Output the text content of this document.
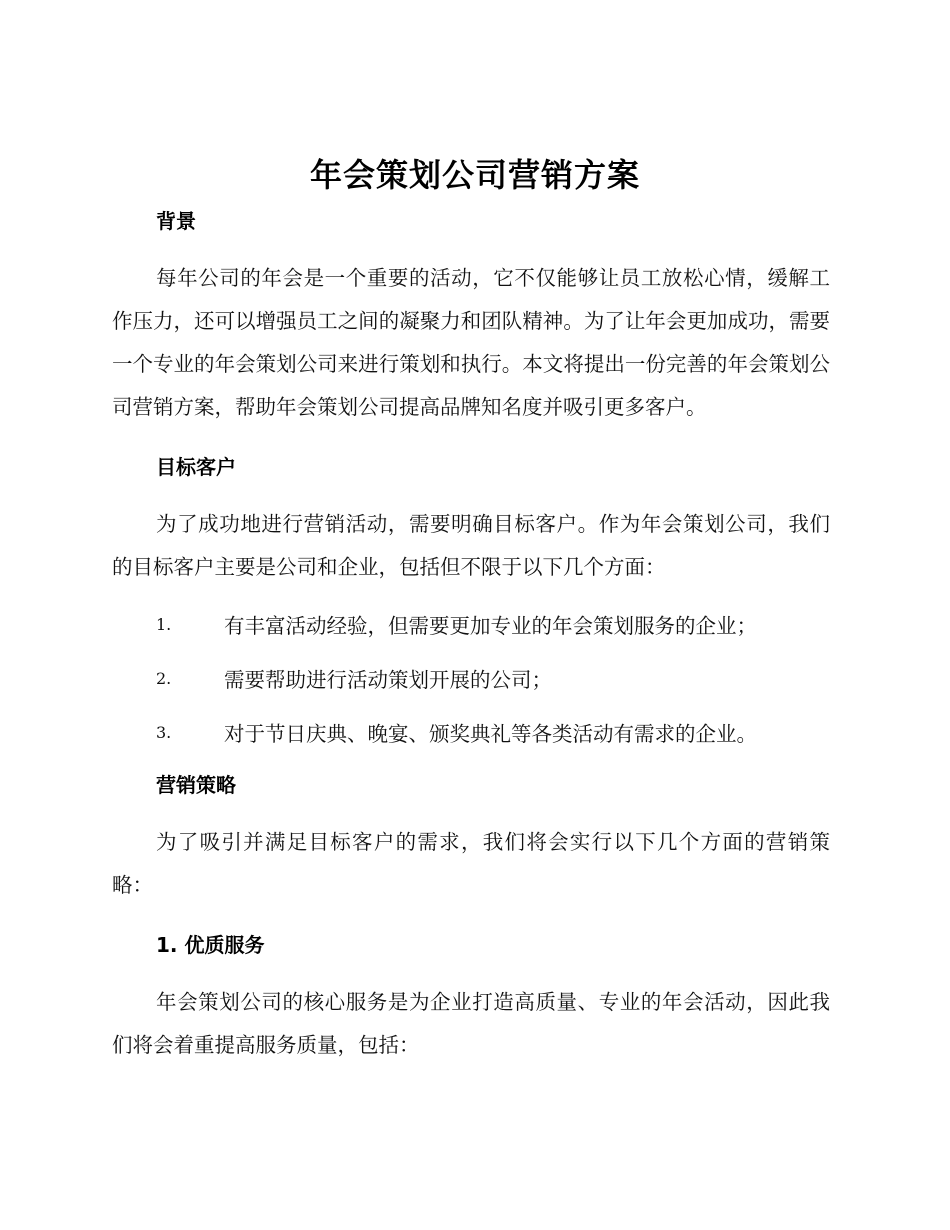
年会策划公司营销方案
背景

每年公司的年会是一个重要的活动，它不仅能够让员工放松心情，缓解工作压力，还可以增强员工之间的凝聚力和团队精神。为了让年会更加成功，需要一个专业的年会策划公司来进行策划和执行。本文将提出一份完善的年会策划公司营销方案，帮助年会策划公司提高品牌知名度并吸引更多客户。

目标客户

为了成功地进行营销活动，需要明确目标客户。作为年会策划公司，我们的目标客户主要是公司和企业，包括但不限于以下几个方面：

1.	有丰富活动经验，但需要更加专业的年会策划服务的企业；
2.	需要帮助进行活动策划开展的公司；
3.	对于节日庆典、晚宴、颁奖典礼等各类活动有需求的企业。
营销策略

为了吸引并满足目标客户的需求，我们将会实行以下几个方面的营销策略：

1. 优质服务

年会策划公司的核心服务是为企业打造高质量、专业的年会活动，因此我们将会着重提高服务质量，包括：
